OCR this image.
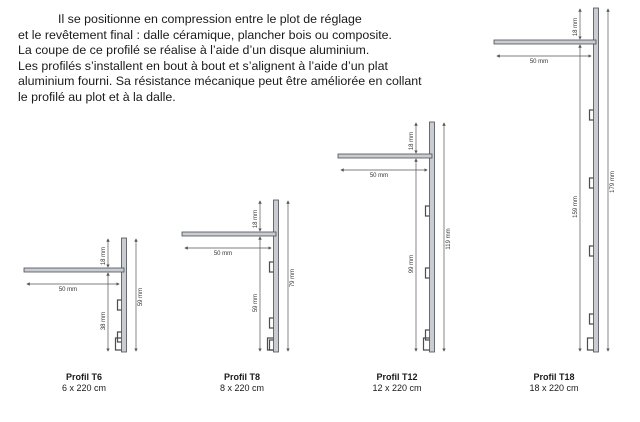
Il se positionne en compression entre le plot de réglage
et le revêtement final : dalle céramique, plancher bois ou composite.
La coupe de ce profilé se réalise à l’aide d’un disque aluminium.
Les profilés s’installent en bout à bout et s’alignent à l’aide d’un plat
aluminium fourni. Sa résistance mécanique peut être améliorée en collant
le profilé au plot et à la dalle.
50 mm
18 mm
38 mm
59 mm
50 mm
18 mm
59 mm
79 mm
50 mm
18 mm
99 mm
119 mm
50 mm
18 mm
159 mm
179 mm
Profil T6
6 x 220 cm
Profil T8
8 x 220 cm
Profil T12
12 x 220 cm
Profil T18
18 x 220 cm
